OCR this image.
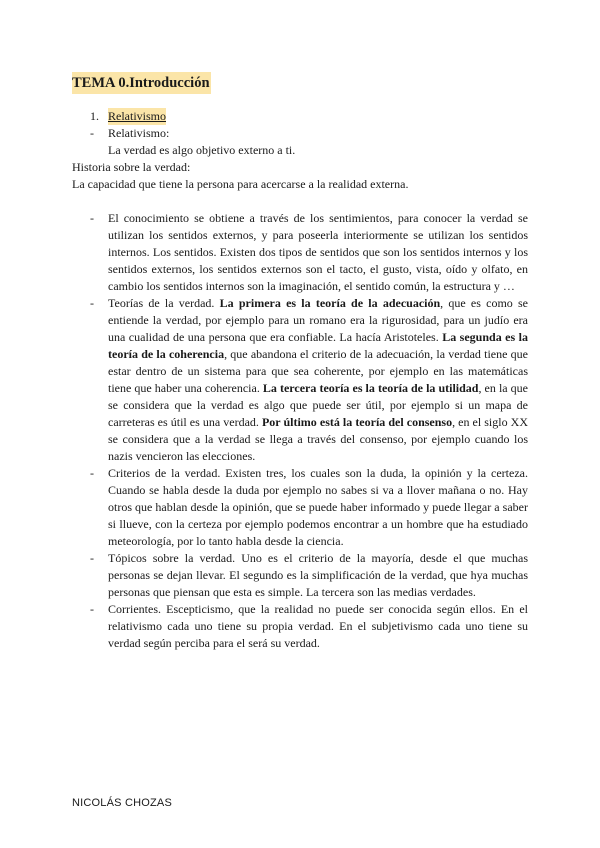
TEMA 0.Introducción
1. Relativismo
- Relativismo:
La verdad es algo objetivo externo a ti.
Historia sobre la verdad:
La capacidad que tiene la persona para acercarse a la realidad externa.
- El conocimiento se obtiene a través de los sentimientos, para conocer la verdad se utilizan los sentidos externos, y para poseerla interiormente se utilizan los sentidos internos. Los sentidos. Existen dos tipos de sentidos que son los sentidos internos y los sentidos externos, los sentidos externos son el tacto, el gusto, vista, oído y olfato, en cambio los sentidos internos son la imaginación, el sentido común, la estructura y …
- Teorías de la verdad. La primera es la teoría de la adecuación, que es como se entiende la verdad, por ejemplo para un romano era la rigurosidad, para un judío era una cualidad de una persona que era confiable. La hacía Aristoteles. La segunda es la teoría de la coherencia, que abandona el criterio de la adecuación, la verdad tiene que estar dentro de un sistema para que sea coherente, por ejemplo en las matemáticas tiene que haber una coherencia. La tercera teoría es la teoría de la utilidad, en la que se considera que la verdad es algo que puede ser útil, por ejemplo si un mapa de carreteras es útil es una verdad. Por último está la teoría del consenso, en el siglo XX se considera que a la verdad se llega a través del consenso, por ejemplo cuando los nazis vencieron las elecciones.
- Criterios de la verdad. Existen tres, los cuales son la duda, la opinión y la certeza. Cuando se habla desde la duda por ejemplo no sabes si va a llover mañana o no. Hay otros que hablan desde la opinión, que se puede haber informado y puede llegar a saber si llueve, con la certeza por ejemplo podemos encontrar a un hombre que ha estudiado meteorología, por lo tanto habla desde la ciencia.
- Tópicos sobre la verdad. Uno es el criterio de la mayoría, desde el que muchas personas se dejan llevar. El segundo es la simplificación de la verdad, que hya muchas personas que piensan que esta es simple. La tercera son las medias verdades.
- Corrientes. Escepticismo, que la realidad no puede ser conocida según ellos. En el relativismo cada uno tiene su propia verdad. En el subjetivismo cada uno tiene su verdad según perciba para el será su verdad.
NICOLÁS CHOZAS
